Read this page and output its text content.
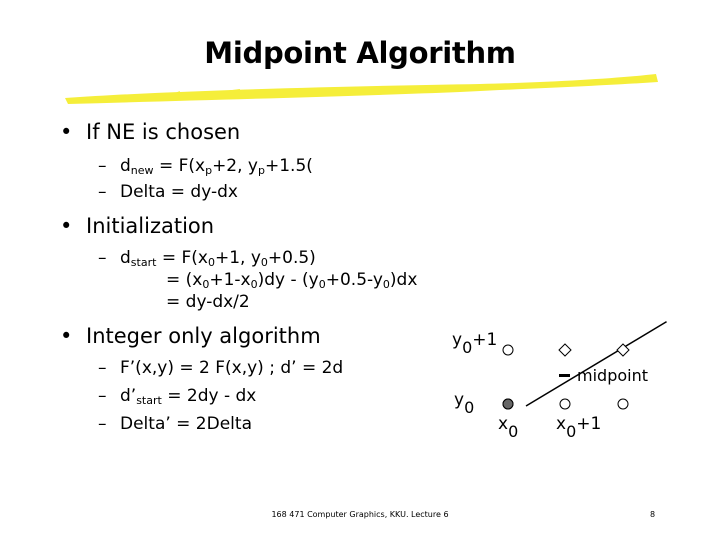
Midpoint Algorithm
• If NE is chosen
– $d_{new} = F(x_p+2$, $y_p+1.5$(
– Delta = dy-dx
• Initialization
– $d_{start} = F(x_0+1$, $y_0+0.5$)
= $(x_0+1-x_0)dy - (y_0+0.5-y_0)dx$
= dy-dx/2
• Integer only algorithm
– F’(x,y) = 2 F(x,y) ; d’ = 2d
– $d’_{start} = 2dy$ - dx
– Delta’ = 2Delta
$y_0+1$
$y_0$
$x_0$ $x_0+1$
midpoint
168 471 Computer Graphics, KKU. Lecture 6	8
